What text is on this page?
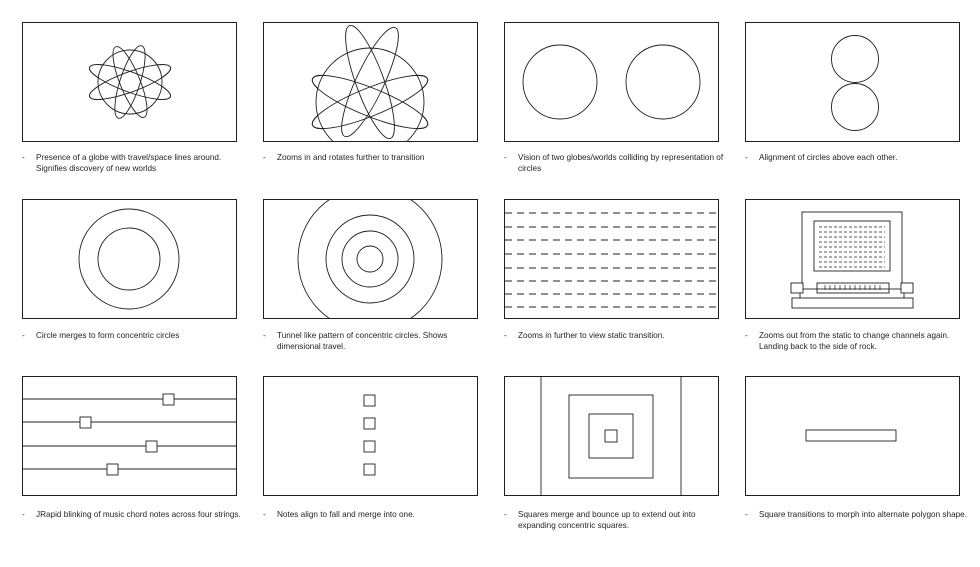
- Presence of a globe with travel/space lines around. Signifies discovery of new worlds
- Zooms in and rotates further to transition	- Vision of two globes/worlds colliding by representation of circles
- Alignment of circles above each other.
- Circle merges to form concentric circles	- Tunnel like pattern of concentric circles. Shows dimensional travel.
- Zooms in further to view static transition.	- Zooms out from the static to change channels again. Landing back to the side of rock.
- JRapid blinking of music chord notes across four strings.	- Notes align to fall and merge into one.	- Squares merge and bounce up to extend out into expanding concentric squares.
- Square transitions to morph into alternate polygon shape.
